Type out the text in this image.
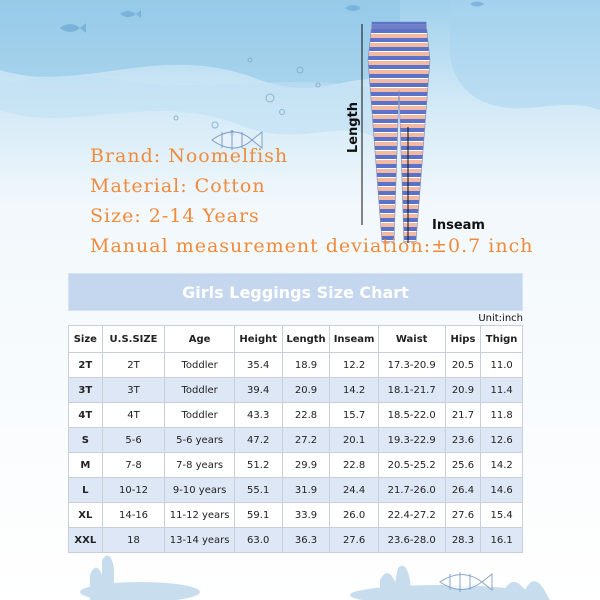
Length
Inseam
Brand: Noomelfish
Material: Cotton
Size: 2-14 Years
Manual measurement deviation:±0.7 inch
Girls Leggings Size Chart
Unit:inch
Size	U.S.SIZE	Age	Height	Length	Inseam	Waist	Hips	Thign
2T	2T	Toddler	35.4	18.9	12.2	17.3-20.9	20.5	11.0
3T	3T	Toddler	39.4	20.9	14.2	18.1-21.7	20.9	11.4
4T	4T	Toddler	43.3	22.8	15.7	18.5-22.0	21.7	11.8
S	5-6	5-6 years	47.2	27.2	20.1	19.3-22.9	23.6	12.6
M	7-8	7-8 years	51.2	29.9	22.8	20.5-25.2	25.6	14.2
L	10-12	9-10 years	55.1	31.9	24.4	21.7-26.0	26.4	14.6
XL	14-16	11-12 years	59.1	33.9	26.0	22.4-27.2	27.6	15.4
XXL	18	13-14 years	63.0	36.3	27.6	23.6-28.0	28.3	16.1
